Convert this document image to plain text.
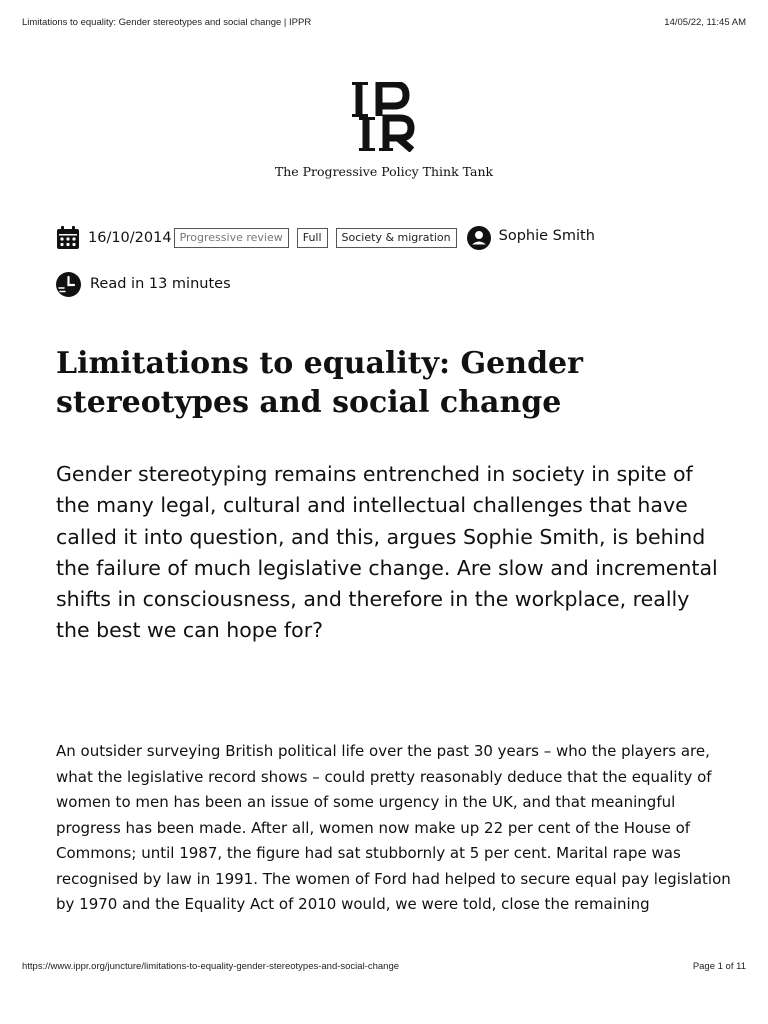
Limitations to equality: Gender stereotypes and social change | IPPR	14/05/22, 11:45 AM
The Progressive Policy Think Tank
16/10/2014 Progressive review	Full	Society & migration	Sophie Smith
Read in 13 minutes
Limitations to equality: Gender stereotypes and social change

Gender stereotyping remains entrenched in society in spite of the many legal, cultural and intellectual challenges that have called it into question, and this, argues Sophie Smith, is behind the failure of much legislative change. Are slow and incremental shifts in consciousness, and therefore in the workplace, really the best we can hope for?

An outsider surveying British political life over the past 30 years – who the players are, what the legislative record shows – could pretty reasonably deduce that the equality of women to men has been an issue of some urgency in the UK, and that meaningful progress has been made. After all, women now make up 22 per cent of the House of Commons; until 1987, the figure had sat stubbornly at 5 per cent. Marital rape was recognised by law in 1991. The women of Ford had helped to secure equal pay legislation by 1970 and the Equality Act of 2010 would, we were told, close the remaining

https://www.ippr.org/juncture/limitations-to-equality-gender-stereotypes-and-social-change	Page 1 of 11
